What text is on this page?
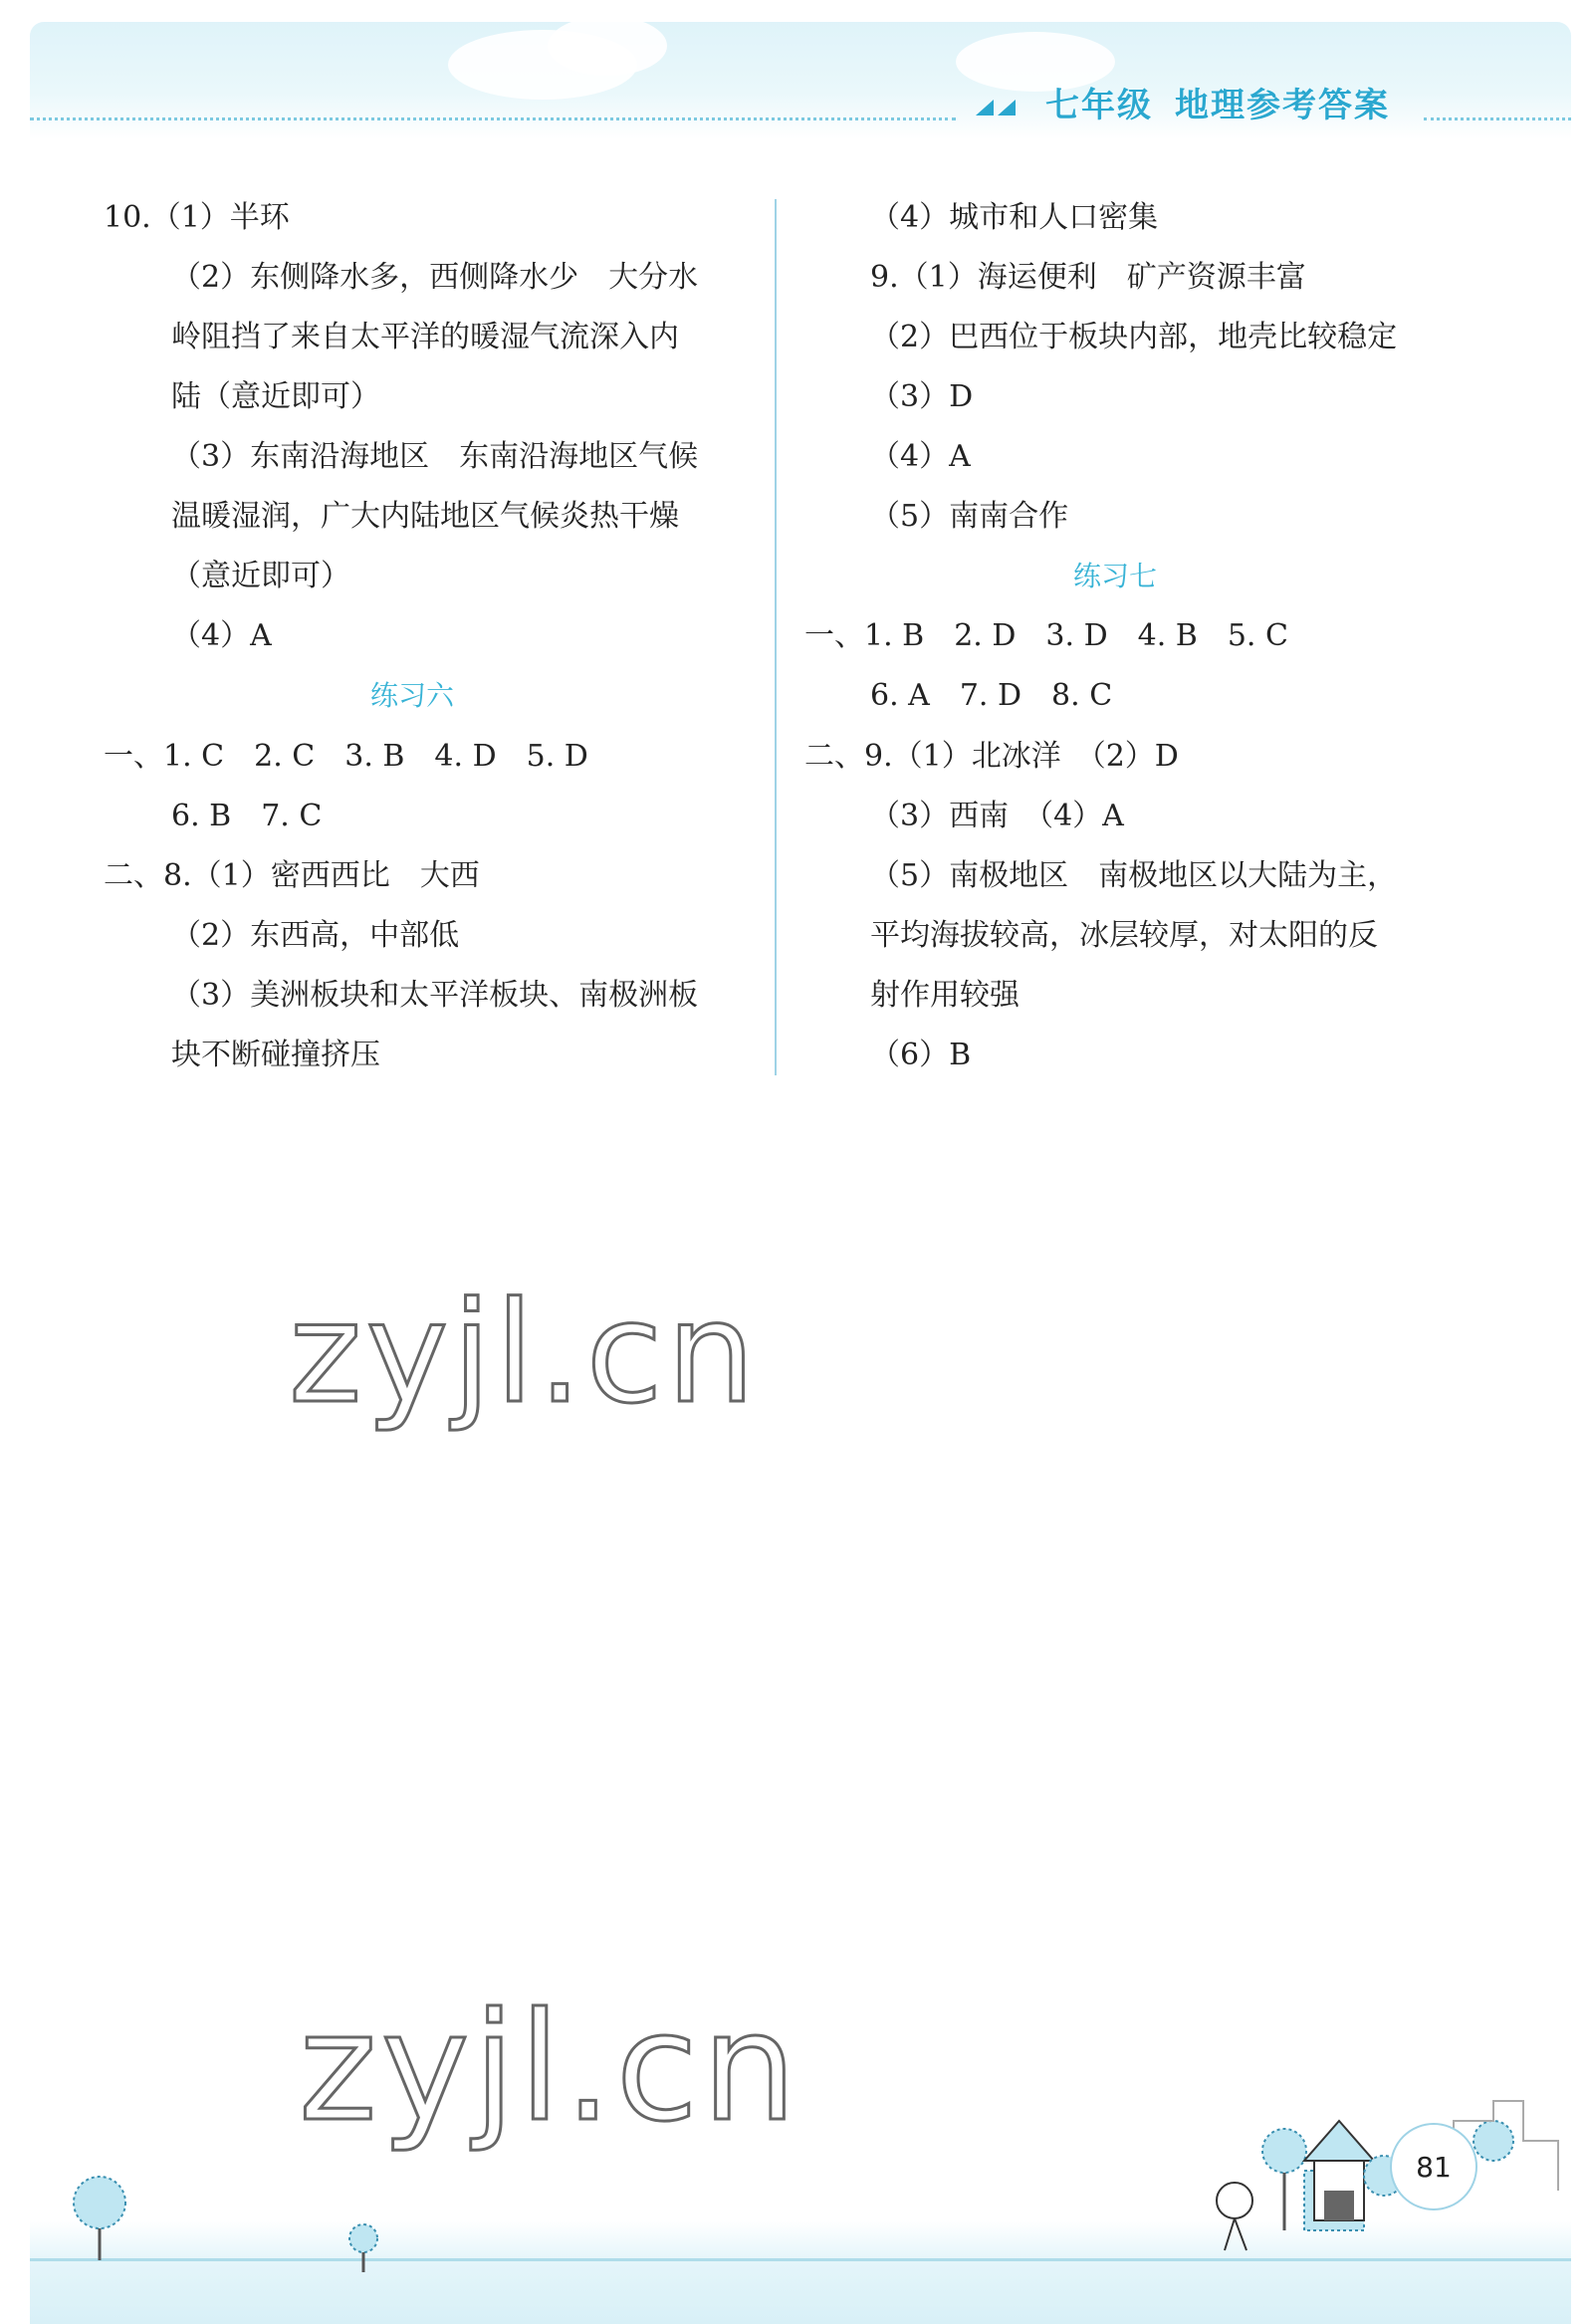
七年级 地理参考答案
10.（1）半环
（2）东侧降水多，西侧降水少　大分水
岭阻挡了来自太平洋的暖湿气流深入内
陆（意近即可）
（3）东南沿海地区　东南沿海地区气候
温暖湿润，广大内陆地区气候炎热干燥
（意近即可）
（4）A
练习六
一、1. C　2. C　3. B　4. D　5. D
6. B　7. C
二、8.（1）密西西比　大西
（2）东西高，中部低
（3）美洲板块和太平洋板块、南极洲板
块不断碰撞挤压
（4）城市和人口密集
9.（1）海运便利　矿产资源丰富
（2）巴西位于板块内部，地壳比较稳定
（3）D
（4）A
（5）南南合作
练习七
一、1. B　2. D　3. D　4. B　5. C
6. A　7. D　8. C
二、9.（1）北冰洋　（2）D
（3）西南　（4）A
（5）南极地区　南极地区以大陆为主，
平均海拔较高，冰层较厚，对太阳的反
射作用较强
（6）B
zyjl.cn
zyjl.cn
81
